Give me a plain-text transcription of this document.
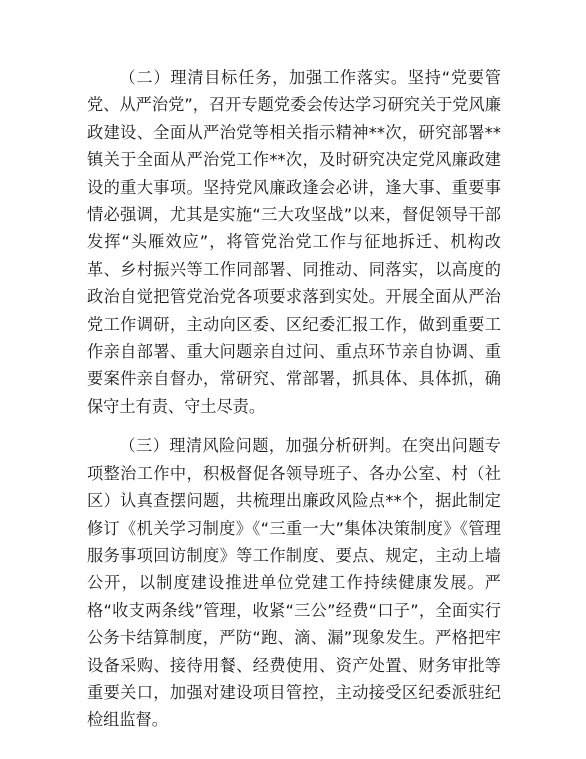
（二）理清目标任务，加强工作落实。坚持“党要管党、从严治党”，召开专题党委会传达学习研究关于党风廉政建设、全面从严治党等相关指示精神**次，研究部署**镇关于全面从严治党工作**次，及时研究决定党风廉政建设的重大事项。坚持党风廉政逢会必讲，逢大事、重要事情必强调，尤其是实施“三大攻坚战”以来，督促领导干部发挥“头雁效应”，将管党治党工作与征地拆迁、机构改革、乡村振兴等工作同部署、同推动、同落实，以高度的政治自觉把管党治党各项要求落到实处。开展全面从严治党工作调研，主动向区委、区纪委汇报工作，做到重要工作亲自部署、重大问题亲自过问、重点环节亲自协调、重要案件亲自督办，常研究、常部署，抓具体、具体抓，确保守土有责、守土尽责。

（三）理清风险问题，加强分析研判。在突出问题专项整治工作中，积极督促各领导班子、各办公室、村（社区）认真查摆问题，共梳理出廉政风险点**个，据此制定修订《机关学习制度》《“三重一大”集体决策制度》《管理服务事项回访制度》等工作制度、要点、规定，主动上墙公开，以制度建设推进单位党建工作持续健康发展。严格“收支两条线”管理，收紧“三公”经费“口子”，全面实行公务卡结算制度，严防“跑、滴、漏”现象发生。严格把牢设备采购、接待用餐、经费使用、资产处置、财务审批等重要关口，加强对建设项目管控，主动接受区纪委派驻纪检组监督。
